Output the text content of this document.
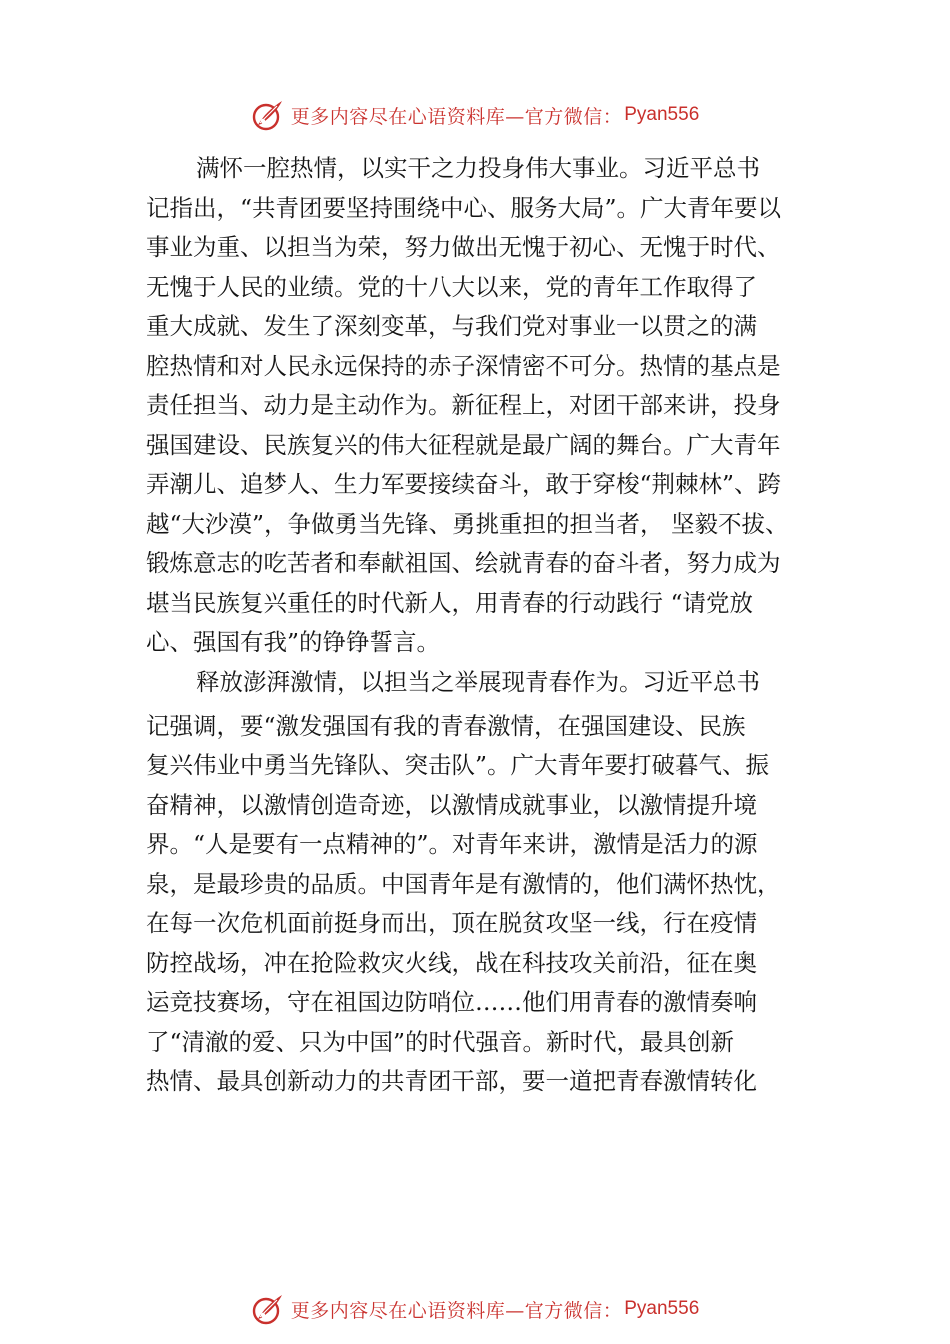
更多内容尽在心语资料库—官方微信： Pyan556
满怀一腔热情，以实干之力投身伟大事业。习近平总书
记指出，“共青团要坚持围绕中心、服务大局”。广大青年要以
事业为重、以担当为荣，努力做出无愧于初心、无愧于时代、
无愧于人民的业绩。党的十八大以来，党的青年工作取得了
重大成就、发生了深刻变革，与我们党对事业一以贯之的满
腔热情和对人民永远保持的赤子深情密不可分。热情的基点是
责任担当、动力是主动作为。新征程上，对团干部来讲，投身
强国建设、民族复兴的伟大征程就是最广阔的舞台。广大青年
弄潮儿、追梦人、生力军要接续奋斗，敢于穿梭“荆棘林”、跨
越“大沙漠”，争做勇当先锋、勇挑重担的担当者， 坚毅不拔、
锻炼意志的吃苦者和奉献祖国、绘就青春的奋斗者，努力成为
堪当民族复兴重任的时代新人，用青春的行动践行 “请党放
心、强国有我”的铮铮誓言。
释放澎湃激情，以担当之举展现青春作为。习近平总书
记强调，要“激发强国有我的青春激情，在强国建设、民族
复兴伟业中勇当先锋队、突击队”。广大青年要打破暮气、振
奋精神，以激情创造奇迹，以激情成就事业，以激情提升境
界。“人是要有一点精神的”。对青年来讲，激情是活力的源
泉，是最珍贵的品质。中国青年是有激情的，他们满怀热忱，
在每一次危机面前挺身而出，顶在脱贫攻坚一线，行在疫情
防控战场，冲在抢险救灾火线，战在科技攻关前沿，征在奥
运竞技赛场，守在祖国边防哨位……他们用青春的激情奏响
了“清澈的爱、只为中国”的时代强音。新时代，最具创新
热情、最具创新动力的共青团干部，要一道把青春激情转化
更多内容尽在心语资料库—官方微信： Pyan556
